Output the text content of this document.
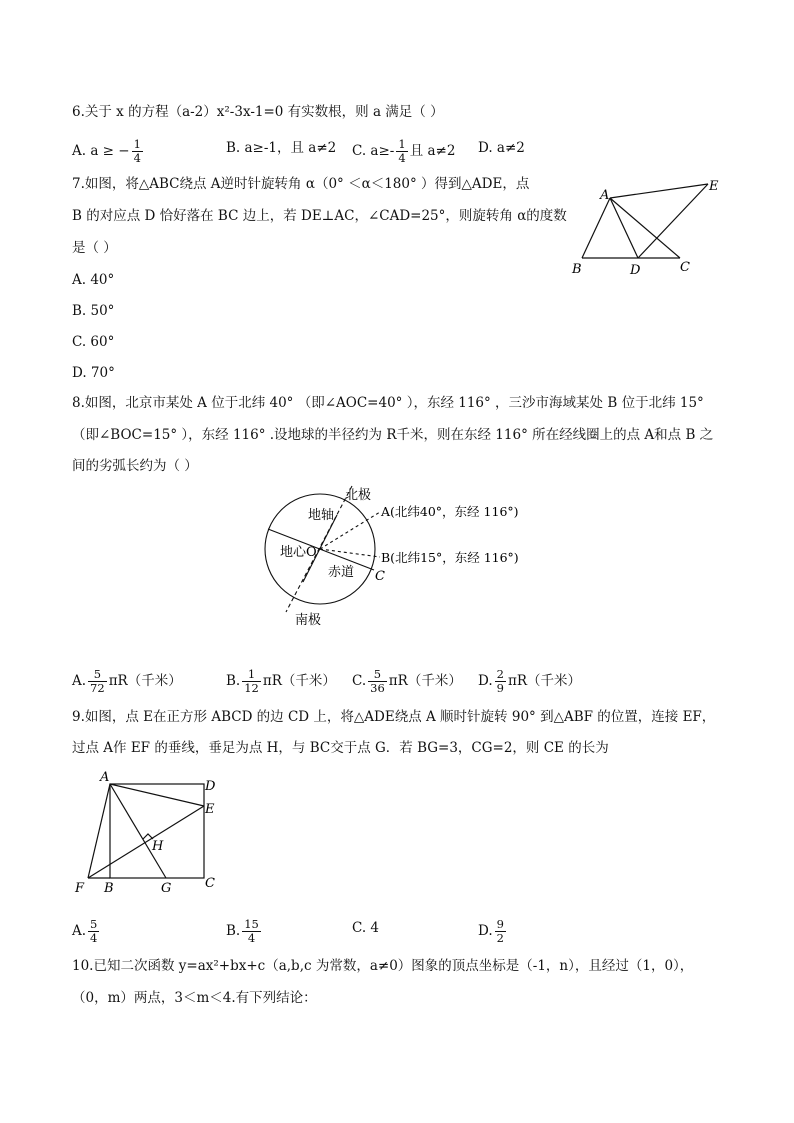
6.关于 x 的方程（a-2）x²-3x-1=0 有实数根，则 a 满足（ ）
A. a ≥ − $\frac{1}{4}$	B. a≥-1，且 a≠2 C. $a\ge- \frac{1}{4}$ 且 a≠2 D. a≠2
7.如图，将△ABC绕点 A逆时针旋转角 α（0° ＜α＜180° ）得到△ADE，点
B 的对应点 D 恰好落在 BC 边上，若 DE⊥AC，∠CAD=25°，则旋转角 α的度数
是（ ）
A. 40°
B. 50°
C. 60°
D. 70°
A
B	C
D
E
8.如图，北京市某处 A 位于北纬 40° （即∠AOC=40° ），东经 116° ，三沙市海域某处 B 位于北纬 15°
（即∠BOC=15° ），东经 116° .设地球的半径约为 R千米，则在东经 116° 所在经线圈上的点 A和点 B 之
间的劣弧长约为（ ）
北极
南极
地轴
地心O
赤道
A(北纬40°，东经 116°)
B(北纬15°，东经 116°)
C
A. $\frac{5}{72} \pi R$（千米）	B. $\frac{1}{12} \pi R$（千米） C. $\frac{5}{36} \pi R$（千米） D. $\frac{2}{9} \pi R$（千米）
9.如图，点 E在正方形 ABCD 的边 CD 上，将△ADE绕点 A 顺时针旋转 90° 到△ABF 的位置，连接 EF，
过点 A作 EF 的垂线，垂足为点 H，与 BC交于点 G．若 BG=3，CG=2，则 CE 的长为
A
D
E
H
F B	G	C
A. $\frac{5}{4}$	B. $\frac{15}{4}$	C. 4	D. $\frac{9}{2}$
10.已知二次函数 y=ax²+bx+c（a,b,c 为常数，a≠0）图象的顶点坐标是（-1，n），且经过（1，0），
（0，m）两点，3＜m＜4.有下列结论：
